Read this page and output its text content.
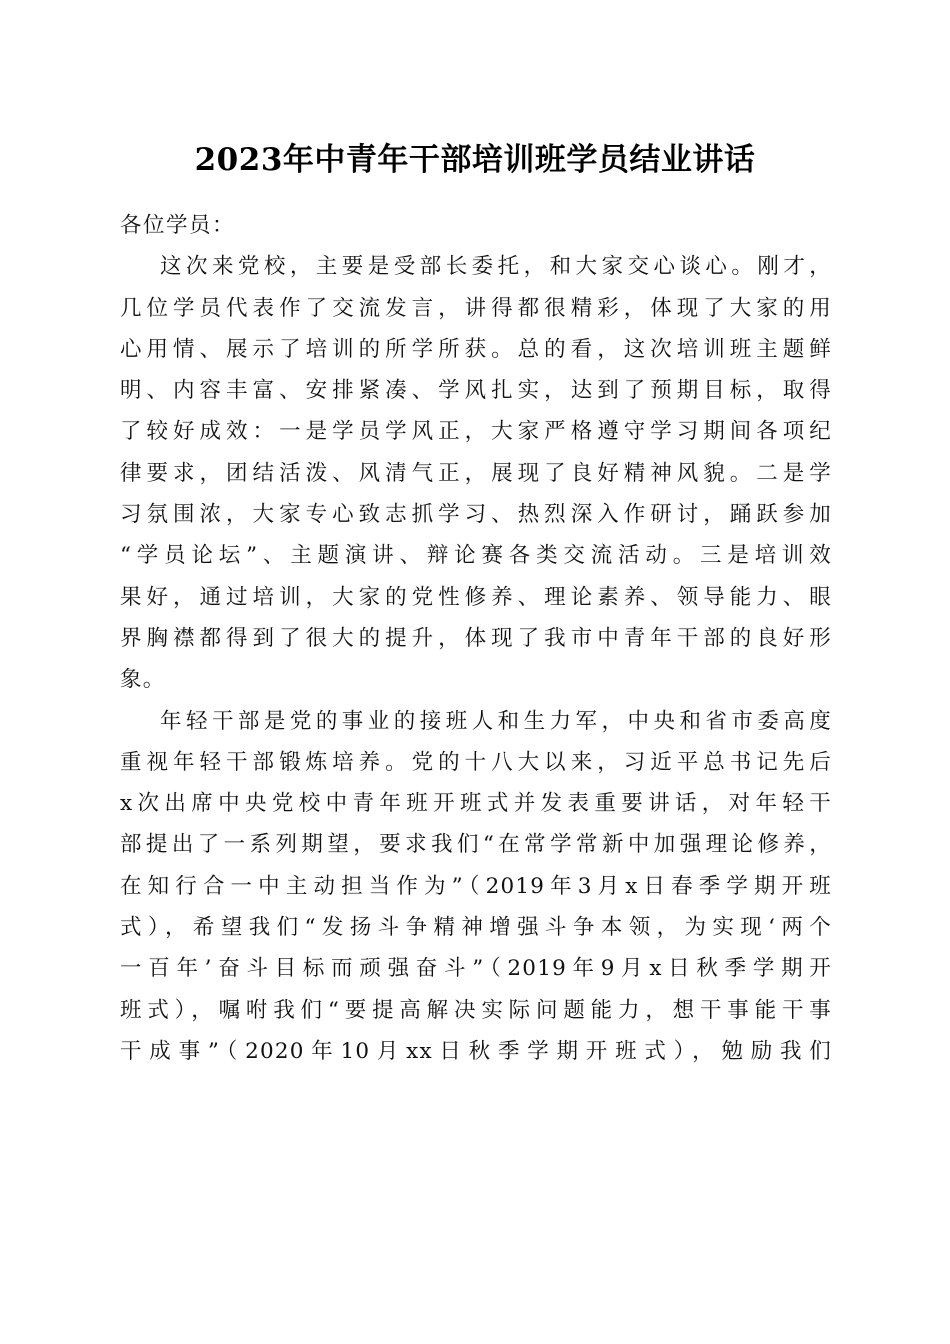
2023年中青年干部培训班学员结业讲话
各位学员：
这次来党校，主要是受部长委托，和大家交心谈心。刚才，
几位学员代表作了交流发言，讲得都很精彩，体现了大家的用
心用情、展示了培训的所学所获。总的看，这次培训班主题鲜
明、内容丰富、安排紧凑、学风扎实，达到了预期目标，取得
了较好成效：一是学员学风正，大家严格遵守学习期间各项纪
律要求，团结活泼、风清气正，展现了良好精神风貌。二是学
习氛围浓，大家专心致志抓学习、热烈深入作研讨，踊跃参加
“学员论坛”、主题演讲、辩论赛各类交流活动。三是培训效
果好，通过培训，大家的党性修养、理论素养、领导能力、眼
界胸襟都得到了很大的提升，体现了我市中青年干部的良好形
象。
年轻干部是党的事业的接班人和生力军，中央和省市委高度
重视年轻干部锻炼培养。党的十八大以来，习近平总书记先后
x次出席中央党校中青年班开班式并发表重要讲话，对年轻干
部提出了一系列期望，要求我们“在常学常新中加强理论修养，
在知行合一中主动担当作为”（2019年3月x日春季学期开班
式），希望我们“发扬斗争精神增强斗争本领，为实现‘两个
一百年’奋斗目标而顽强奋斗”（2019年9月x日秋季学期开
班式），嘱咐我们“要提高解决实际问题能力，想干事能干事
干成事”（2020年10月xx日秋季学期开班式），勉励我们
